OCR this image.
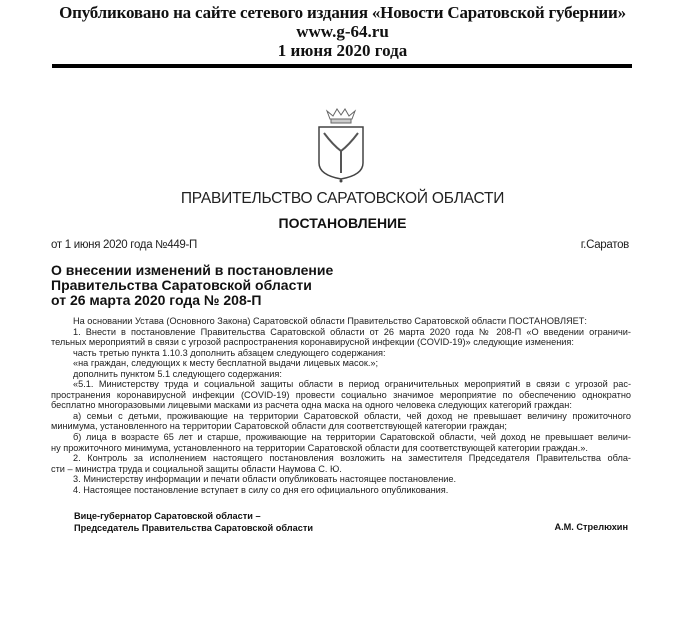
Опубликовано на сайте сетевого издания «Новости Саратовской губернии»
www.g-64.ru
1 июня 2020 года
ПРАВИТЕЛЬСТВО САРАТОВСКОЙ ОБЛАСТИ
ПОСТАНОВЛЕНИЕ
от 1 июня 2020 года №449-П	г.Саратов
О внесении изменений в постановление
Правительства Саратовской области
от 26 марта 2020 года № 208-П
На основании Устава (Основного Закона) Саратовской области Правительство Саратовской области ПОСТАНОВЛЯЕТ:
1. Внести в постановление Правительства Саратовской области от 26 марта 2020 года № 208-П «О введении ограничи-
тельных мероприятий в связи с угрозой распространения коронавирусной инфекции (COVID-19)» следующие изменения:
часть третью пункта 1.10.3 дополнить абзацем следующего содержания:
«на граждан, следующих к месту бесплатной выдачи лицевых масок.»;
дополнить пунктом 5.1 следующего содержания:
«5.1. Министерству труда и социальной защиты области в период ограничительных мероприятий в связи с угрозой рас-
пространения коронавирусной инфекции (COVID-19) провести социально значимое мероприятие по обеспечению однократно
бесплатно многоразовыми лицевыми масками из расчета одна маска на одного человека следующих категорий граждан:
а) семьи с детьми, проживающие на территории Саратовской области, чей доход не превышает величину прожиточного
минимума, установленного на территории Саратовской области для соответствующей категории граждан;
б) лица в возрасте 65 лет и старше, проживающие на территории Саратовской области, чей доход не превышает величи-
ну прожиточного минимума, установленного на территории Саратовской области для соответствующей категории граждан.».
2. Контроль за исполнением настоящего постановления возложить на заместителя Председателя Правительства обла-
сти – министра труда и социальной защиты области Наумова С. Ю.
3. Министерству информации и печати области опубликовать настоящее постановление.
4. Настоящее постановление вступает в силу со дня его официального опубликования.
Вице-губернатор Саратовской области –
Председатель Правительства Саратовской области	А.М. Стрелюхин
